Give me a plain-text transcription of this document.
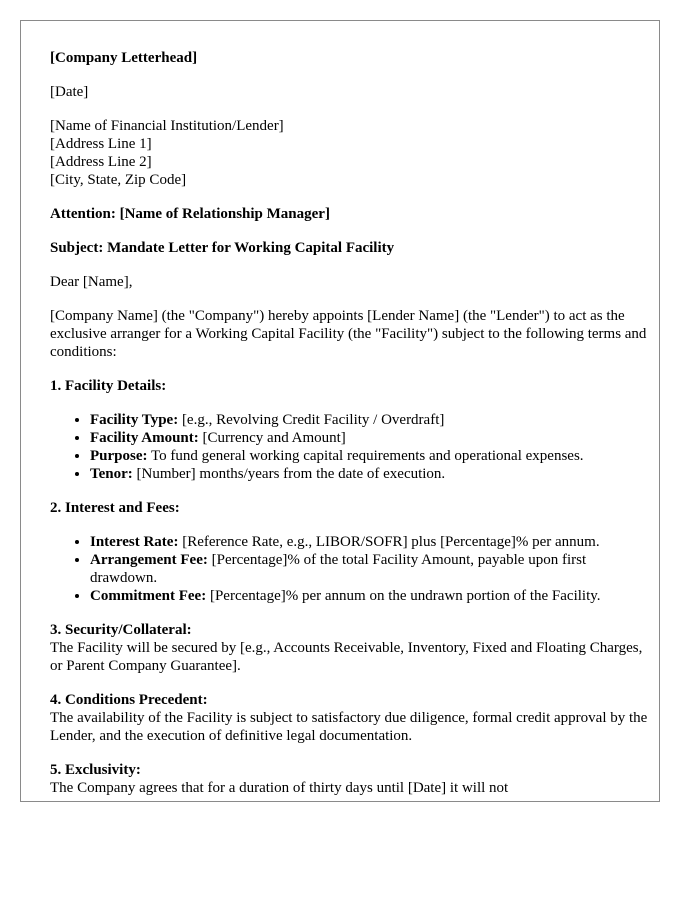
[Company Letterhead]

[Date]

[Name of Financial Institution/Lender]
[Address Line 1]
[Address Line 2]
[City, State, Zip Code]

Attention: [Name of Relationship Manager]

Subject: Mandate Letter for Working Capital Facility

Dear [Name],

[Company Name] (the "Company") hereby appoints [Lender Name] (the "Lender") to act as the exclusive arranger for a Working Capital Facility (the "Facility") subject to the following terms and conditions:

1. Facility Details:

• Facility Type: [e.g., Revolving Credit Facility / Overdraft]
• Facility Amount: [Currency and Amount]
• Purpose: To fund general working capital requirements and operational expenses.
• Tenor: [Number] months/years from the date of execution.

2. Interest and Fees:

• Interest Rate: [Reference Rate, e.g., LIBOR/SOFR] plus [Percentage]% per annum.
• Arrangement Fee: [Percentage]% of the total Facility Amount, payable upon first drawdown.
• Commitment Fee: [Percentage]% per annum on the undrawn portion of the Facility.

3. Security/Collateral:
The Facility will be secured by [e.g., Accounts Receivable, Inventory, Fixed and Floating Charges, or Parent Company Guarantee].

4. Conditions Precedent:
The availability of the Facility is subject to satisfactory due diligence, formal credit approval by the Lender, and the execution of definitive legal documentation.

5. Exclusivity:
The Company agrees that for a duration of thirty days until [Date] it will not
